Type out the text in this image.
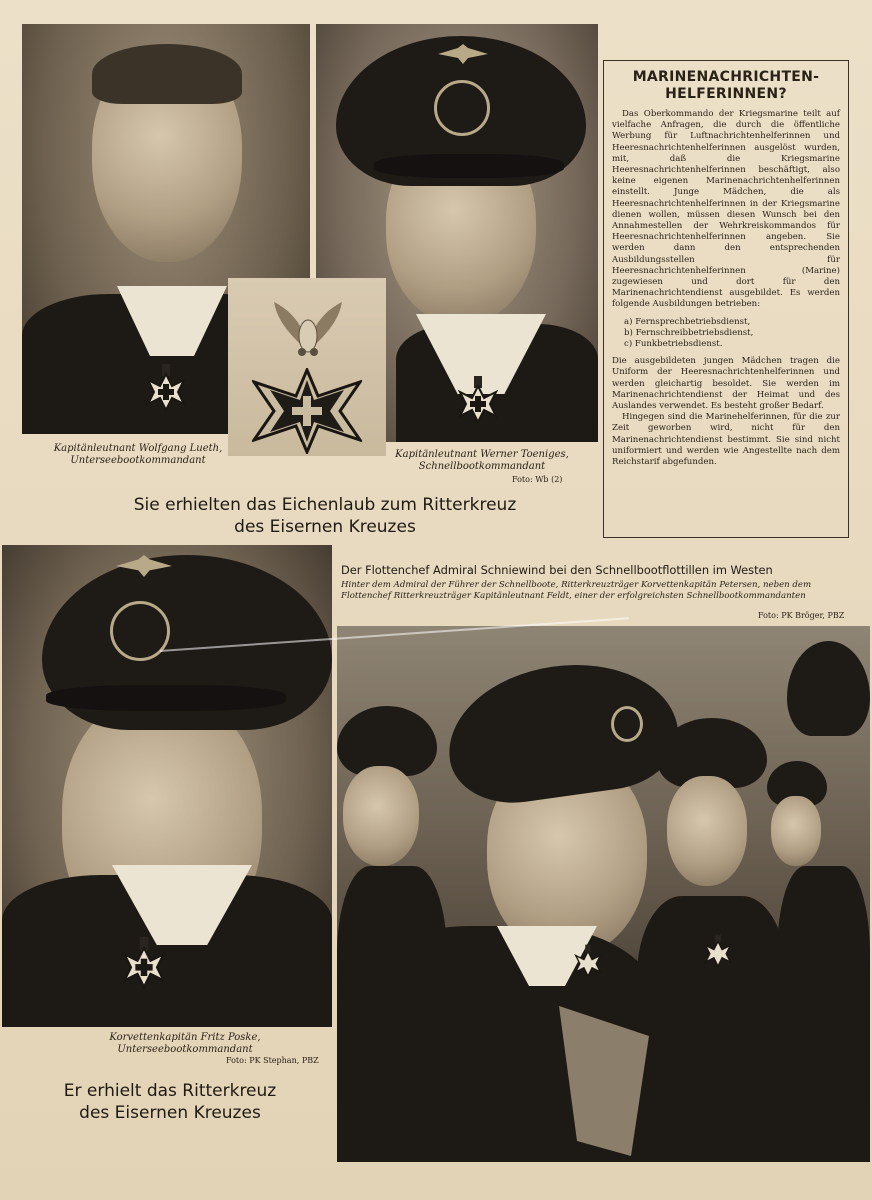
Kapitänleutnant Wolfgang Lueth,
Unterseebootkommandant
Kapitänleutnant Werner Toeniges,
Schnellbootkommandant
Foto: Wb (2)
Sie erhielten das Eichenlaub zum Ritterkreuz
des Eisernen Kreuzes
MARINENACHRICHTEN-
HELFERINNEN?

Das Oberkommando der Kriegsmarine teilt auf vielfache Anfragen, die durch die öffentliche Werbung für Luftnachrichtenhelferinnen und Heeresnachrichtenhelferinnen ausgelöst wurden, mit, daß die Kriegsmarine Heeresnachrichtenhelferinnen beschäftigt, also keine eigenen Marinenachrichtenhelferinnen einstellt. Junge Mädchen, die als Heeresnachrichtenhelferinnen in der Kriegsmarine dienen wollen, müssen diesen Wunsch bei den Annahmestellen der Wehrkreiskommandos für Heeresnachrichtenhelferinnen angeben. Sie werden dann den entsprechenden Ausbildungsstellen für Heeresnachrichtenhelferinnen (Marine) zugewiesen und dort für den Marinenachrichtendienst ausgebildet. Es werden folgende Ausbildungen betrieben:

a) Fernsprechbetriebsdienst,
b) Fernschreibbetriebsdienst,
c) Funkbetriebsdienst.

Die ausgebildeten jungen Mädchen tragen die Uniform der Heeresnachrichtenhelferinnen und werden gleichartig besoldet. Sie werden im Marinenachrichtendienst der Heimat und des Auslandes verwendet. Es besteht großer Bedarf.

Hingegen sind die Marinehelferinnen, für die zur Zeit geworben wird, nicht für den Marinenachrichtendienst bestimmt. Sie sind nicht uniformiert und werden wie Angestellte nach dem Reichstarif abgefunden.

Korvettenkapitän Fritz Poske,
Unterseebootkommandant
Foto: PK Stephan, PBZ
Er erhielt das Ritterkreuz
des Eisernen Kreuzes
Der Flottenchef Admiral Schniewind bei den Schnellbootflottillen im Westen
Hinter dem Admiral der Führer der Schnellboote, Ritterkreuzträger Korvettenkapitän Petersen, neben dem Flottenchef Ritterkreuzträger Kapitänleutnant Feldt, einer der erfolgreichsten Schnellbootkommandanten
Foto: PK Bröger, PBZ
